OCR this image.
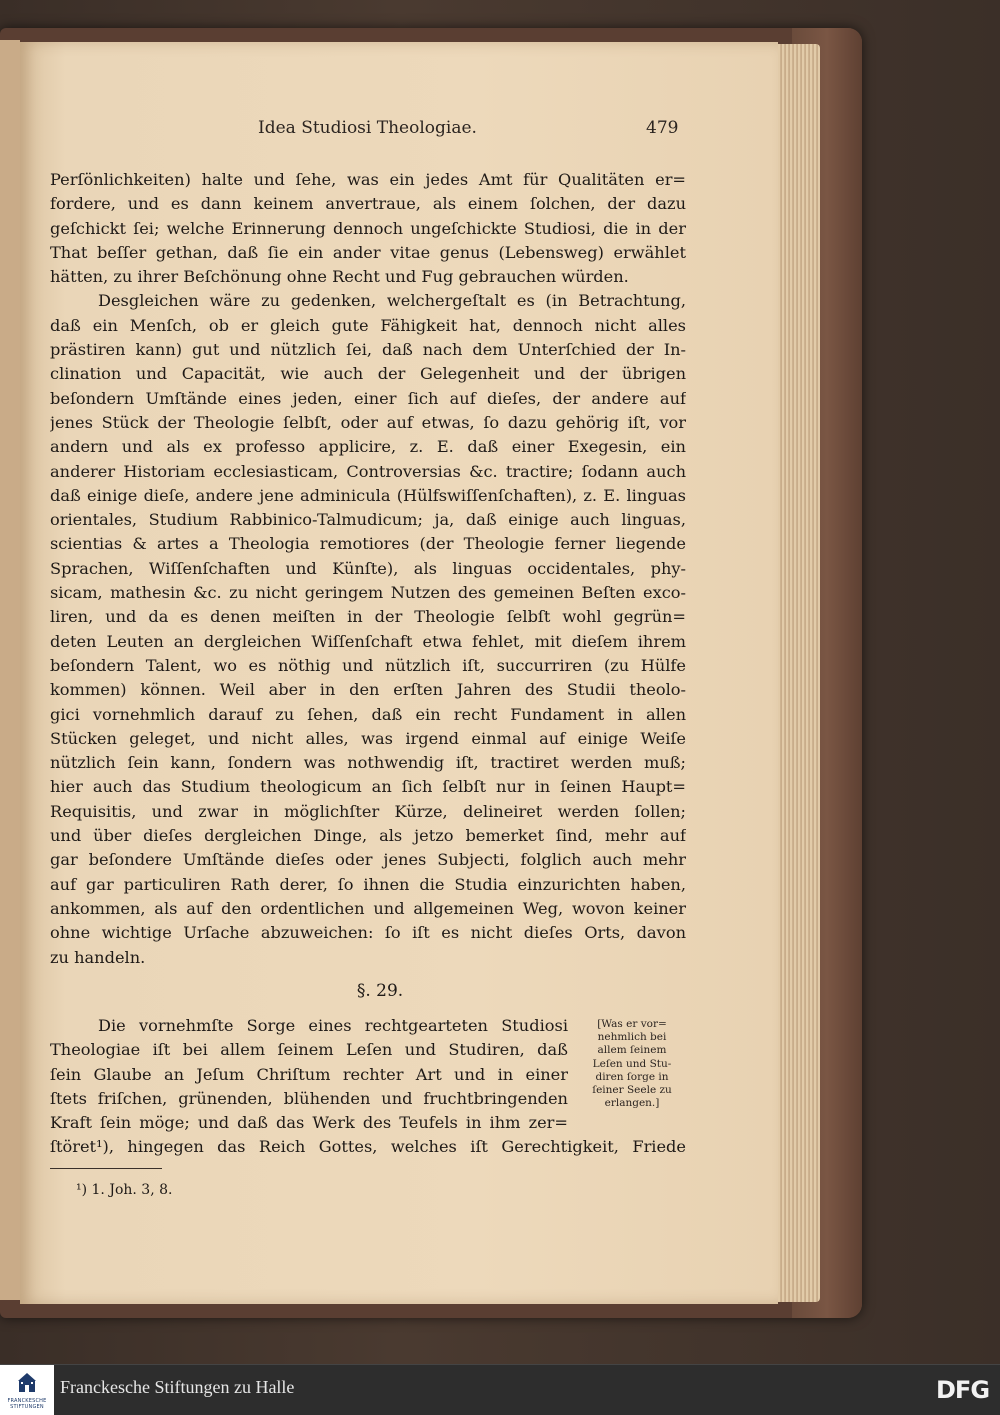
Idea Studiosi Theologiae.	479
Perſönlichkeiten) halte und ſehe, was ein jedes Amt für Qualitäten er=
fordere, und es dann keinem anvertraue, als einem ſolchen, der dazu
geſchickt ſei; welche Erinnerung dennoch ungeſchickte Studiosi, die in der
That beſſer gethan, daß ſie ein ander vitae genus (Lebensweg) erwählet
hätten, zu ihrer Beſchönung ohne Recht und Fug gebrauchen würden.
Desgleichen wäre zu gedenken, welchergeſtalt es (in Betrachtung,
daß ein Menſch, ob er gleich gute Fähigkeit hat, dennoch nicht alles
prästiren kann) gut und nützlich ſei, daß nach dem Unterſchied der In-
clination und Capacität, wie auch der Gelegenheit und der übrigen
beſondern Umſtände eines jeden, einer ſich auf dieſes, der andere auf
jenes Stück der Theologie ſelbſt, oder auf etwas, ſo dazu gehörig iſt, vor
andern und als ex professo applicire, z. E. daß einer Exegesin, ein
anderer Historiam ecclesiasticam, Controversias &c. tractire; ſodann auch
daß einige dieſe, andere jene adminicula (Hülfswiſſenſchaften), z. E. linguas
orientales, Studium Rabbinico-Talmudicum; ja, daß einige auch linguas,
scientias & artes a Theologia remotiores (der Theologie ferner liegende
Sprachen, Wiſſenſchaften und Künſte), als linguas occidentales, phy-
sicam, mathesin &c. zu nicht geringem Nutzen des gemeinen Beſten exco-
liren, und da es denen meiſten in der Theologie ſelbſt wohl gegrün=
deten Leuten an dergleichen Wiſſenſchaft etwa fehlet, mit dieſem ihrem
beſondern Talent, wo es nöthig und nützlich iſt, succurriren (zu Hülfe
kommen) können. Weil aber in den erſten Jahren des Studii theolo-
gici vornehmlich darauf zu ſehen, daß ein recht Fundament in allen
Stücken geleget, und nicht alles, was irgend einmal auf einige Weiſe
nützlich ſein kann, ſondern was nothwendig iſt, tractiret werden muß;
hier auch das Studium theologicum an ſich ſelbſt nur in ſeinen Haupt=
Requisitis, und zwar in möglichſter Kürze, delineiret werden ſollen;
und über dieſes dergleichen Dinge, als jetzo bemerket ſind, mehr auf
gar beſondere Umſtände dieſes oder jenes Subjecti, folglich auch mehr
auf gar particuliren Rath derer, ſo ihnen die Studia einzurichten haben,
ankommen, als auf den ordentlichen und allgemeinen Weg, wovon keiner
ohne wichtige Urſache abzuweichen: ſo iſt es nicht dieſes Orts, davon
zu handeln.
§. 29.
Die vornehmſte Sorge eines rechtgearteten Studiosi
Theologiae iſt bei allem ſeinem Leſen und Studiren, daß
ſein Glaube an Jeſum Chriſtum rechter Art und in einer
ſtets friſchen, grünenden, blühenden und fruchtbringenden
Kraft ſein möge; und daß das Werk des Teufels in ihm zer=
ſtöret¹), hingegen das Reich Gottes, welches iſt Gerechtigkeit, Friede
[Was er vor=
nehmlich bei
allem ſeinem
Leſen und Stu-
diren ſorge in
ſeiner Seele zu
erlangen.]
¹) 1. Joh. 3, 8.
FRANCKESCHE STIFTUNGEN
Franckesche Stiftungen zu Halle	DFG
